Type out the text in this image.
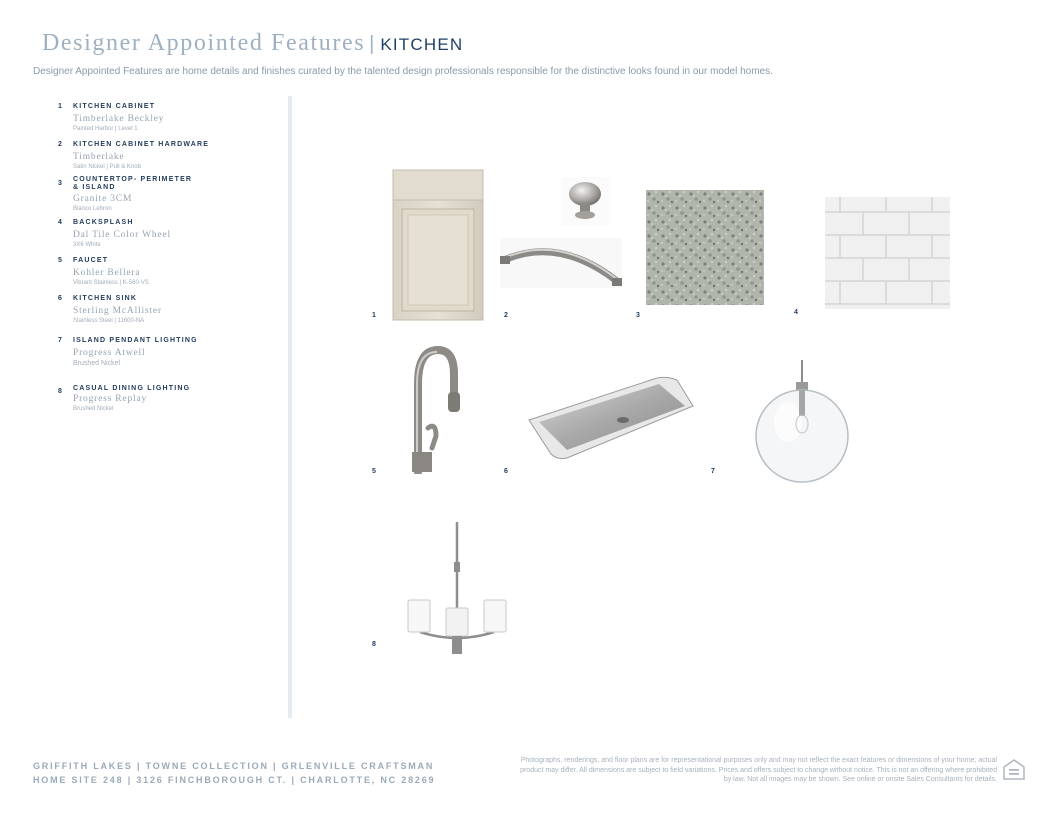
Designer Appointed Features | KITCHEN
Designer Appointed Features are home details and finishes curated by the talented design professionals responsible for the distinctive looks found in our model homes.
1 KITCHEN CABINET
Timberlake Beckley
Painted Harbor | Level 1
2 KITCHEN CABINET HARDWARE
Timberlake
Satin Nickel | Pull & Knob
3
COUNTERTOP- PERIMETER & ISLAND
Granite 3CM
Blanco Lebron
4 BACKSPLASH
Dal Tile Color Wheel
3X6 White
5 FAUCET
Kohler Bellera
Vibrant Stainless | K-560-VS
6 KITCHEN SINK
Sterling McAllister
Stainless Steel | 11600-NA
7 ISLAND PENDANT LIGHTING
Progress Atwell
Brushed Nickel
8 CASUAL DINING LIGHTING
Progress Replay
Brushed Nickel
1	2	3	4
5	6	7
8
GRIFFITH LAKES | TOWNE COLLECTION | GRLENVILLE CRAFTSMAN
HOME SITE 248 | 3126 FINCHBOROUGH CT. | CHARLOTTE, NC 28269
Photographs, renderings, and floor plans are for representational purposes only and may not reflect the exact features or dimensions of your home; actual product may differ. All dimensions are subject to field variations. Prices and offers subject to change without notice. This is not an offering where prohibited by law. Not all images may be shown. See online or onsite Sales Consultants for details.
